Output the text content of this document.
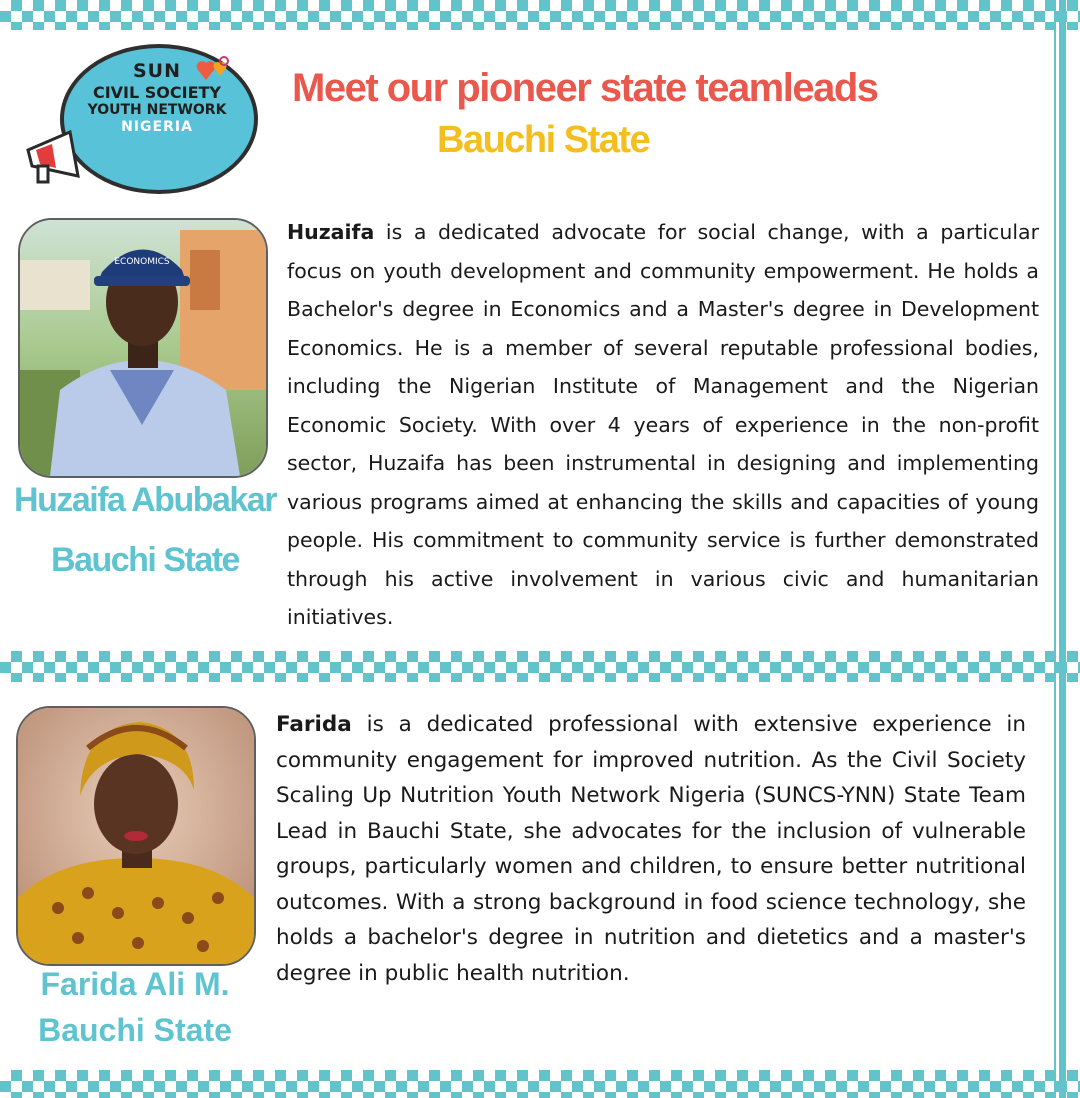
SUN
CIVIL SOCIETY
YOUTH NETWORK
NIGERIA
Meet our pioneer state teamleads
Bauchi State
ECONOMICS
Huzaifa Abubakar
Bauchi State

Huzaifa is a dedicated advocate for social change, with a particular focus on youth development and community empowerment. He holds a Bachelor's degree in Economics and a Master's degree in Development Economics. He is a member of several reputable professional bodies, including the Nigerian Institute of Management and the Nigerian Economic Society. With over 4 years of experience in the non-profit sector, Huzaifa has been instrumental in designing and implementing various programs aimed at enhancing the skills and capacities of young people. His commitment to community service is further demonstrated through his active involvement in various civic and humanitarian initiatives.

Farida Ali M.
Bauchi State

Farida is a dedicated professional with extensive experience in community engagement for improved nutrition. As the Civil Society Scaling Up Nutrition Youth Network Nigeria (SUNCS-YNN) State Team Lead in Bauchi State, she advocates for the inclusion of vulnerable groups, particularly women and children, to ensure better nutritional outcomes. With a strong background in food science technology, she holds a bachelor's degree in nutrition and dietetics and a master's degree in public health nutrition.
